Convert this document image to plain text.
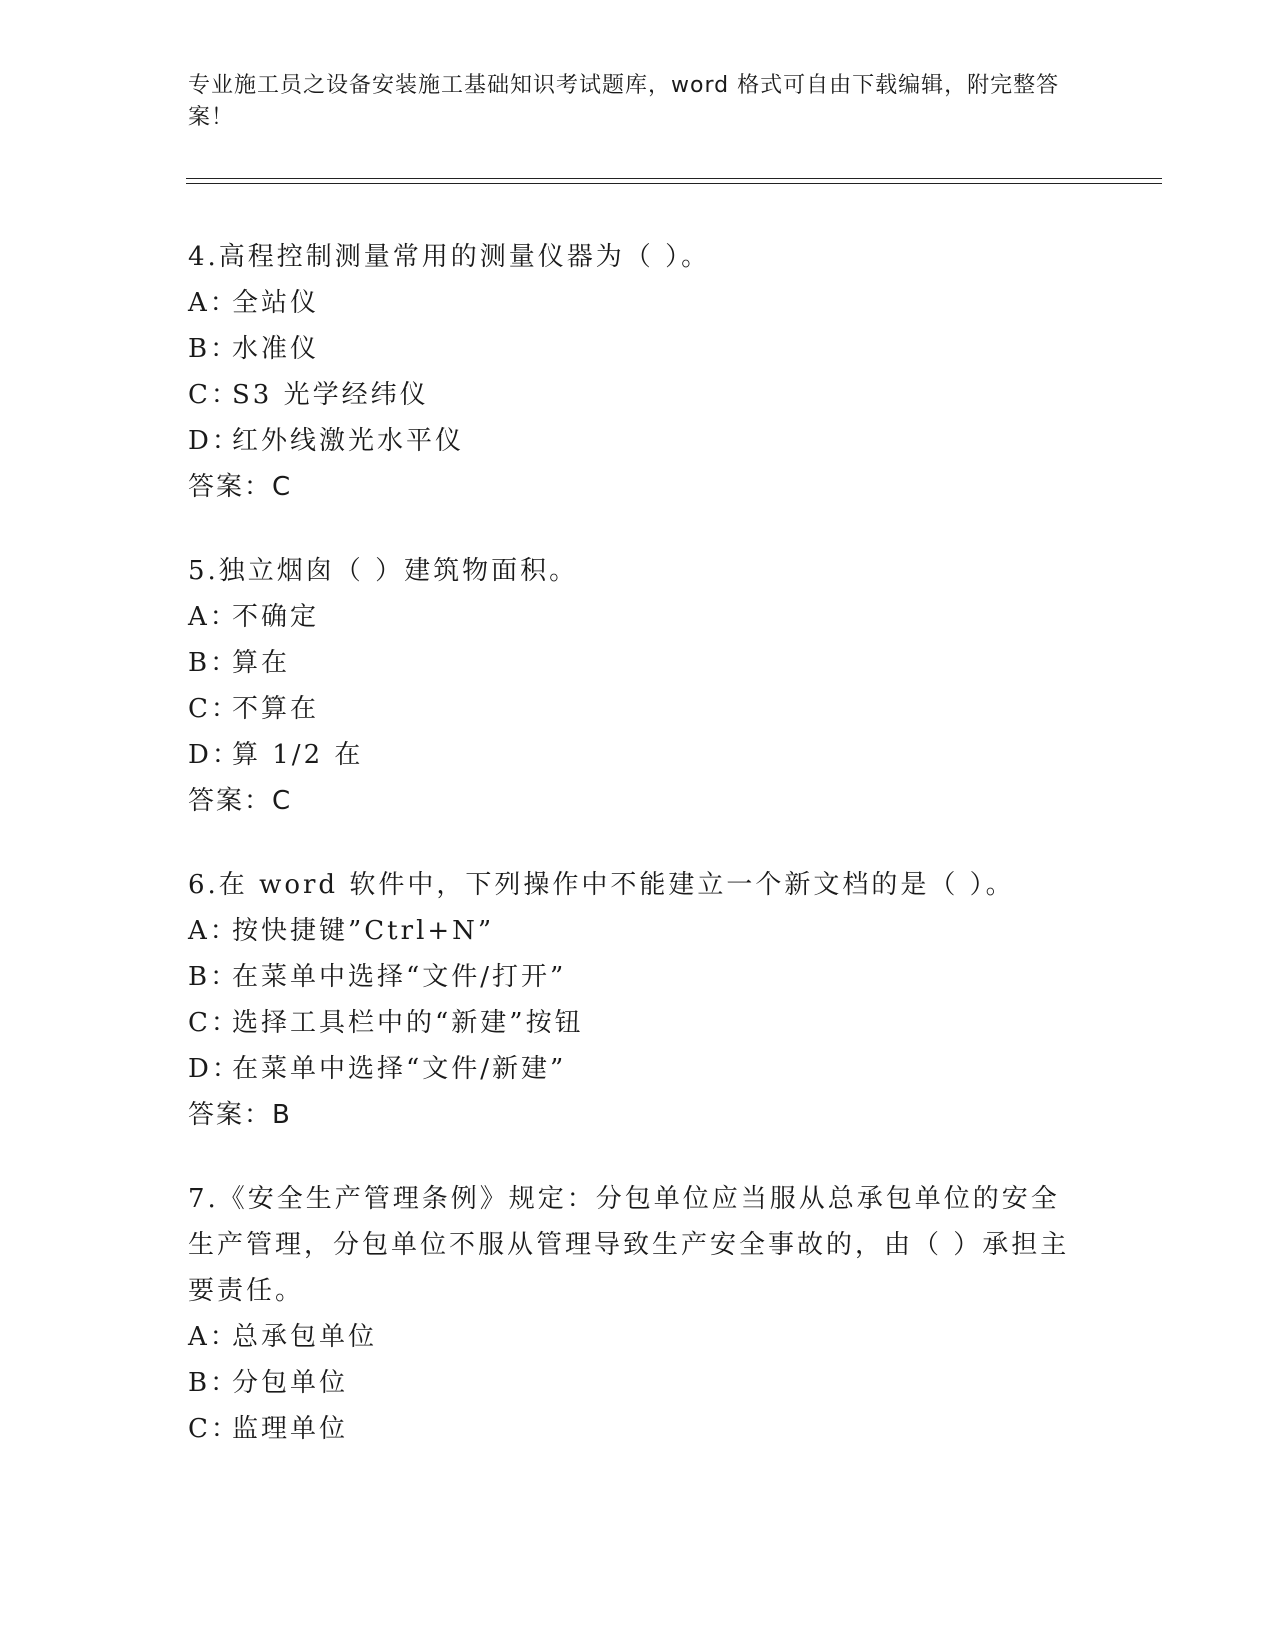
专业施工员之设备安装施工基础知识考试题库，word 格式可自由下载编辑，附完整答案！

4.高程控制测量常用的测量仪器为（ ）。

A：全站仪

B：水准仪

C：S3 光学经纬仪

D：红外线激光水平仪

答案：C

5.独立烟囱（ ）建筑物面积。

A：不确定

B：算在

C：不算在

D：算 1/2 在

答案：C

6.在 word 软件中，下列操作中不能建立一个新文档的是（ ）。

A：按快捷键”Ctrl+N”

B：在菜单中选择“文件/打开”

C：选择工具栏中的“新建”按钮

D：在菜单中选择“文件/新建”

答案：B

7.《安全生产管理条例》规定：分包单位应当服从总承包单位的安全生产管理，分包单位不服从管理导致生产安全事故的，由（ ）承担主要责任。

A：总承包单位

B：分包单位

C：监理单位
